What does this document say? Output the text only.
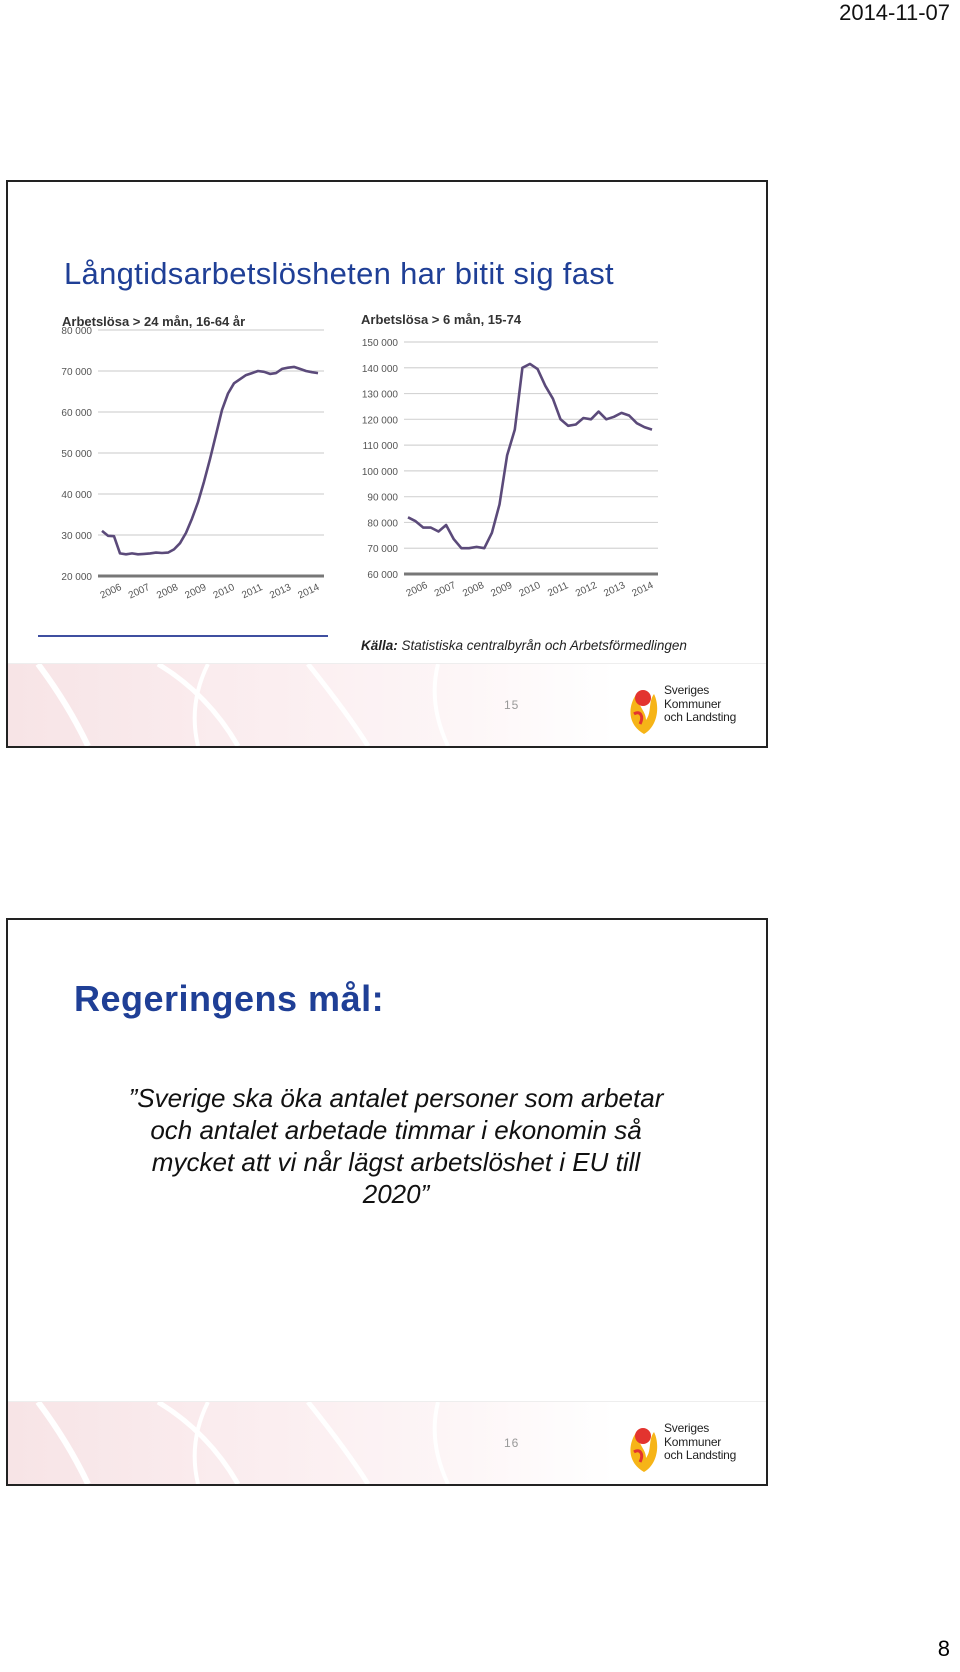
2014-11-07
Långtidsarbetslösheten har bitit sig fast
Arbetslösa > 24 mån, 16-64 år	Arbetslösa > 6 mån, 15-74
20 000
30 000
40 000
50 000
60 000
70 000
80 000
2006 2007 2008 2009 2010 2011 2013 2014
60 000
70 000
80 000
90 000
100 000
110 000
120 000
130 000
140 000
150 000
2006 2007 2008 2009 2010 2011 2012 2013 2014
Källa: Statistiska centralbyrån och Arbetsförmedlingen
15
Sveriges
Kommuner
och Landsting
Regeringens mål:
”Sverige ska öka antalet personer som arbetar och antalet arbetade timmar i ekonomin så mycket att vi når lägst arbetslöshet i EU till 2020”
16
Sveriges
Kommuner
och Landsting
8
